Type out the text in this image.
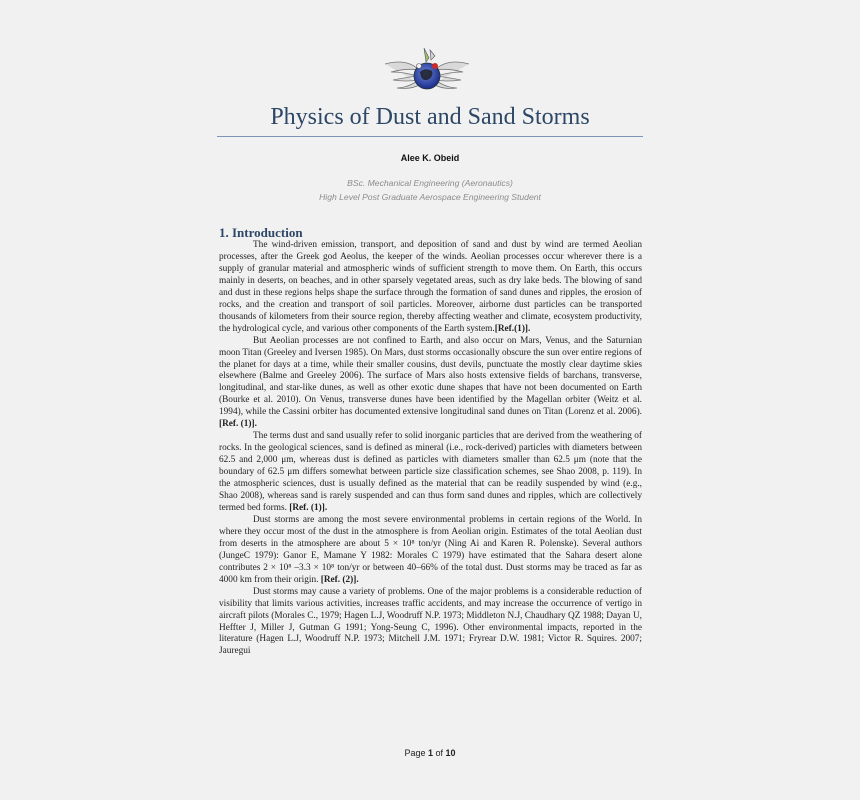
Physics of Dust and Sand Storms
Alee K. Obeid
BSc. Mechanical Engineering (Aeronautics)
High Level Post Graduate Aerospace Engineering Student
1. Introduction

The wind-driven emission, transport, and deposition of sand and dust by wind are termed Aeolian processes, after the Greek god Aeolus, the keeper of the winds. Aeolian processes occur wherever there is a supply of granular material and atmospheric winds of sufficient strength to move them. On Earth, this occurs mainly in deserts, on beaches, and in other sparsely vegetated areas, such as dry lake beds. The blowing of sand and dust in these regions helps shape the surface through the formation of sand dunes and ripples, the erosion of rocks, and the creation and transport of soil particles. Moreover, airborne dust particles can be transported thousands of kilometers from their source region, thereby affecting weather and climate, ecosystem productivity, the hydrological cycle, and various other components of the Earth system.[Ref.(1)].

But Aeolian processes are not confined to Earth, and also occur on Mars, Venus, and the Saturnian moon Titan (Greeley and Iversen 1985). On Mars, dust storms occasionally obscure the sun over entire regions of the planet for days at a time, while their smaller cousins, dust devils, punctuate the mostly clear daytime skies elsewhere (Balme and Greeley 2006). The surface of Mars also hosts extensive fields of barchans, transverse, longitudinal, and star-like dunes, as well as other exotic dune shapes that have not been documented on Earth (Bourke et al. 2010). On Venus, transverse dunes have been identified by the Magellan orbiter (Weitz et al. 1994), while the Cassini orbiter has documented extensive longitudinal sand dunes on Titan (Lorenz et al. 2006). [Ref. (1)].

The terms dust and sand usually refer to solid inorganic particles that are derived from the weathering of rocks. In the geological sciences, sand is defined as mineral (i.e., rock-derived) particles with diameters between 62.5 and 2,000 μm, whereas dust is defined as particles with diameters smaller than 62.5 μm (note that the boundary of 62.5 μm differs somewhat between particle size classification schemes, see Shao 2008, p. 119). In the atmospheric sciences, dust is usually defined as the material that can be readily suspended by wind (e.g., Shao 2008), whereas sand is rarely suspended and can thus form sand dunes and ripples, which are collectively termed bed forms. [Ref. (1)].

Dust storms are among the most severe environmental problems in certain regions of the World. In where they occur most of the dust in the atmosphere is from Aeolian origin. Estimates of the total Aeolian dust from deserts in the atmosphere are about 5 × 10⁸ ton/yr (Ning Ai and Karen R. Polenske). Several authors (JungeC 1979): Ganor E, Mamane Y 1982: Morales C 1979) have estimated that the Sahara desert alone contributes 2 × 10⁸ –3.3 × 10⁸ ton/yr or between 40–66% of the total dust. Dust storms may be traced as far as 4000 km from their origin. [Ref. (2)].

Dust storms may cause a variety of problems. One of the major problems is a considerable reduction of visibility that limits various activities, increases traffic accidents, and may increase the occurrence of vertigo in aircraft pilots (Morales C., 1979; Hagen L.J, Woodruff N.P. 1973; Middleton N.J, Chaudhary QZ 1988; Dayan U, Heffter J, Miller J, Gutman G 1991; Yong-Seung C, 1996). Other environmental impacts, reported in the literature (Hagen L.J, Woodruff N.P. 1973; Mitchell J.M. 1971; Fryrear D.W. 1981; Victor R. Squires. 2007; Jauregui

Page 1 of 10
